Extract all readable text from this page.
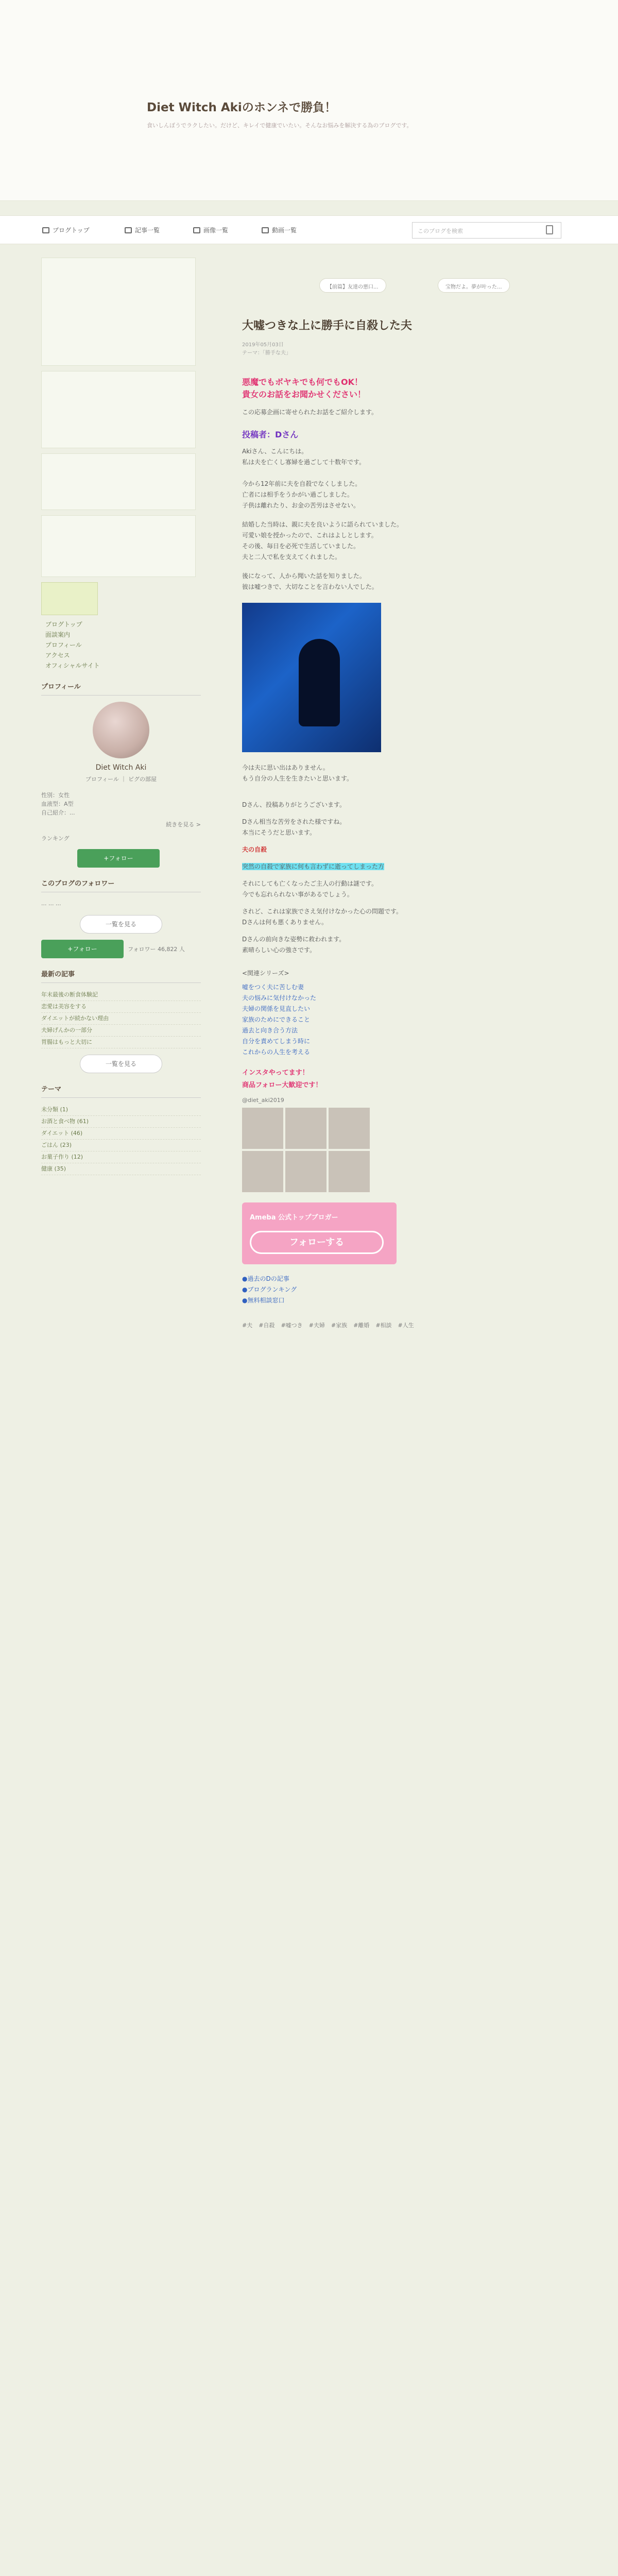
Diet Witch Akiのホンネで勝負！
食いしんぼうでラクしたい。だけど、キレイで健康でいたい。そんなお悩みを解決する為のブログです。
ブログトップ	記事一覧	画像一覧	動画一覧	このブログを検索
ブログトップ
面談案内
プロフィール
アクセス
オフィシャルサイト
プロフィール
Diet Witch Aki
プロフィール ｜ ピグの部屋
性別：女性
血液型：A型
自己紹介：...
続きを見る >
ランキング
+フォロー
このブログのフォロワー
... ... ...
一覧を見る
+フォロー	フォロワー 46,822 人
最新の記事
年末最後の断食体験記
恋愛は美容をする
ダイエットが続かない理由
夫婦げんかの一部分
胃腸はもっと大切に
一覧を見る
テーマ
未分類 (1)
お酒と食べ物 (61)
ダイエット (46)
ごはん (23)
お菓子作り (12)
健康 (35)
【前篇】友達の悪口...	宝物だよ。夢が叶った...
大嘘つきな上に勝手に自殺した夫
2019年05月03日
テーマ：「勝手な夫」
悪魔でもボヤキでも何でもOK！
貴女のお話をお聞かせください！
この応募企画に寄せられたお話をご紹介します。
投稿者：Dさん
Akiさん、こんにちは。
私は夫を亡くし寡婦を過ごして十数年です。

今から12年前に夫を自殺でなくしました。
亡者には相手をうかがい過ごしました。
子供は離れたり、お金の苦労はさせない。
結婚した当時は、親に夫を良いように語られていました。
可愛い娘を授かったので、これはよしとします。
その後、毎日を必死で生活していました。
夫と二人で私を支えてくれました。
後になって、人から聞いた話を知りました。
彼は嘘つきで、大切なことを言わない人でした。
今は夫に思い出はありません。
もう自分の人生を生きたいと思います。
Dさん、投稿ありがとうございます。
Dさん相当な苦労をされた様ですね。
本当にそうだと思います。
夫の自殺
突然の自殺で家族に何も言わずに逝ってしまった方
それにしても亡くなったご主人の行動は謎です。
今でも忘れられない事があるでしょう。
されど、これは家族でさえ気付けなかった心の問題です。
Dさんは何も悪くありません。
Dさんの前向きな姿勢に救われます。
素晴らしい心の強さです。
<関連シリーズ>
嘘をつく夫に苦しむ妻
夫の悩みに気付けなかった
夫婦の関係を見直したい
家族のためにできること
過去と向き合う方法
自分を責めてしまう時に
これからの人生を考える
インスタやってます！
商品フォロー大歓迎です！
@diet_aki2019
Ameba 公式トップブロガー
フォローする
●過去のDの記事
●ブログランキング
●無料相談窓口
#夫 #自殺 #嘘つき #夫婦 #家族 #離婚 #相談 #人生
